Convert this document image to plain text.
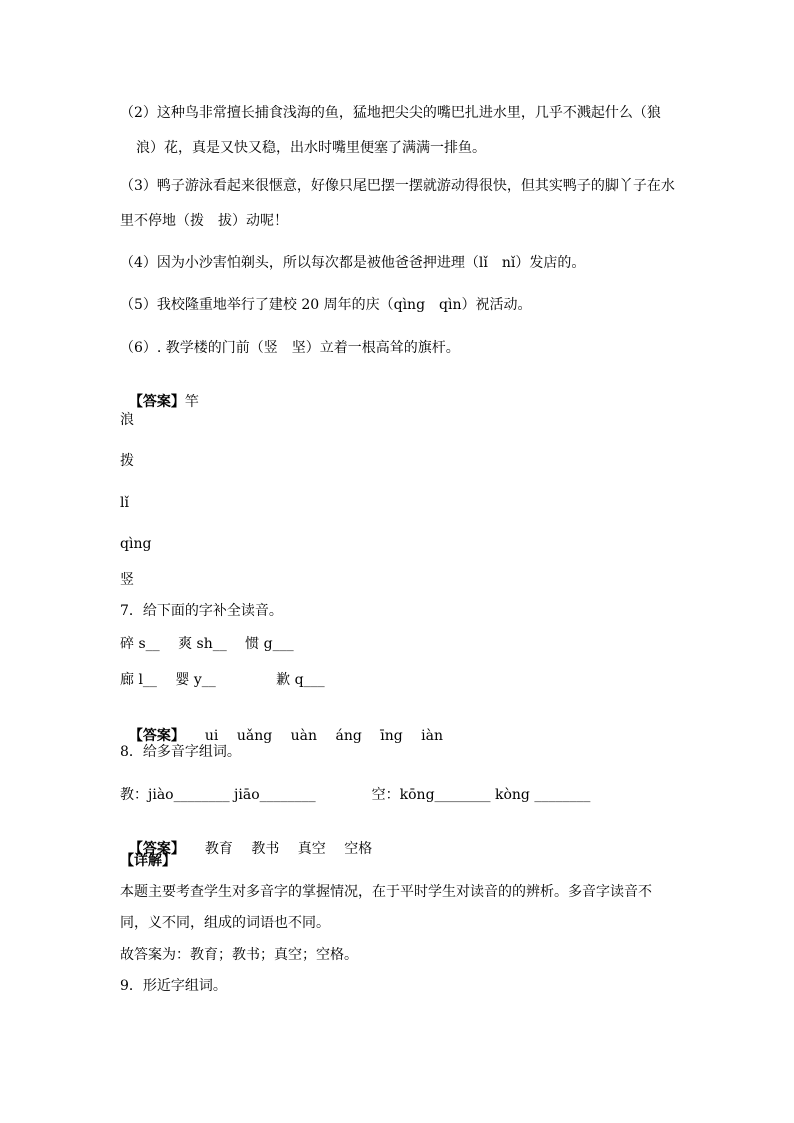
（2）这种鸟非常擅长捕食浅海的鱼，猛地把尖尖的嘴巴扎进水里，几乎不溅起什么（狼
浪）花，真是又快又稳，出水时嘴里便塞了满满一排鱼。
（3）鸭子游泳看起来很惬意，好像只尾巴摆一摆就游动得很快，但其实鸭子的脚丫子在水
里不停地（拨　拔）动呢！
（4）因为小沙害怕剃头，所以每次都是被他爸爸押进理（lǐ　nǐ）发店的。
（5）我校隆重地举行了建校 20 周年的庆（qìng　qìn）祝活动。
（6）. 教学楼的门前（竖　坚）立着一根高耸的旗杆。

【答案】竿

浪
拨
lǐ
qìng
竖
7．给下面的字补全读音。
碎 s__　 爽 sh__　 惯 g___
廊 l__　 婴 y__　　　　 歉 q___

【答案】 ui　 uǎng　 uàn　 áng　 īng　 iàn

8．给多音字组词。
教：jiào________ jiāo________　　　　空：kōng________ kòng ________

【答案】 教育　 教书　 真空　 空格

【详解】
本题主要考查学生对多音字的掌握情况，在于平时学生对读音的的辨析。多音字读音不
同，义不同，组成的词语也不同。
故答案为：教育；教书；真空；空格。
9．形近字组词。
